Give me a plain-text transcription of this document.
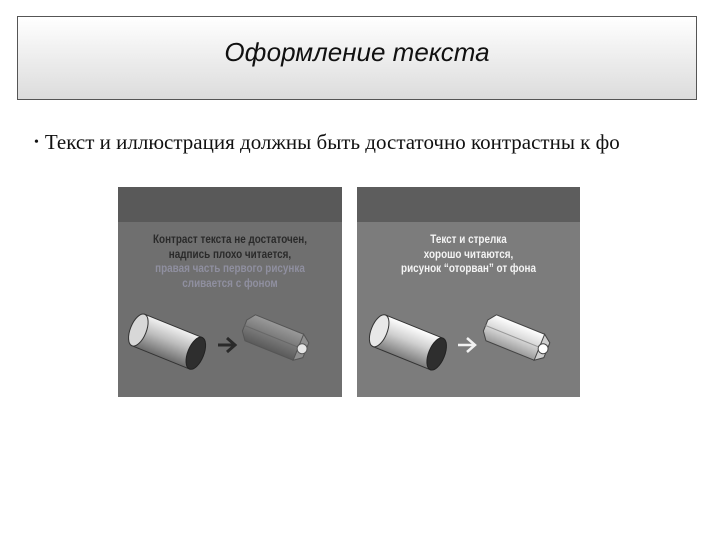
Оформление текста
• Текст и иллюстрация должны быть достаточно контрастны к фо
Контраст текста не достаточен,
надпись плохо читается,
правая часть первого рисунка
сливается с фоном
Текст и стрелка
хорошо читаются,
рисунок “оторван” от фона
